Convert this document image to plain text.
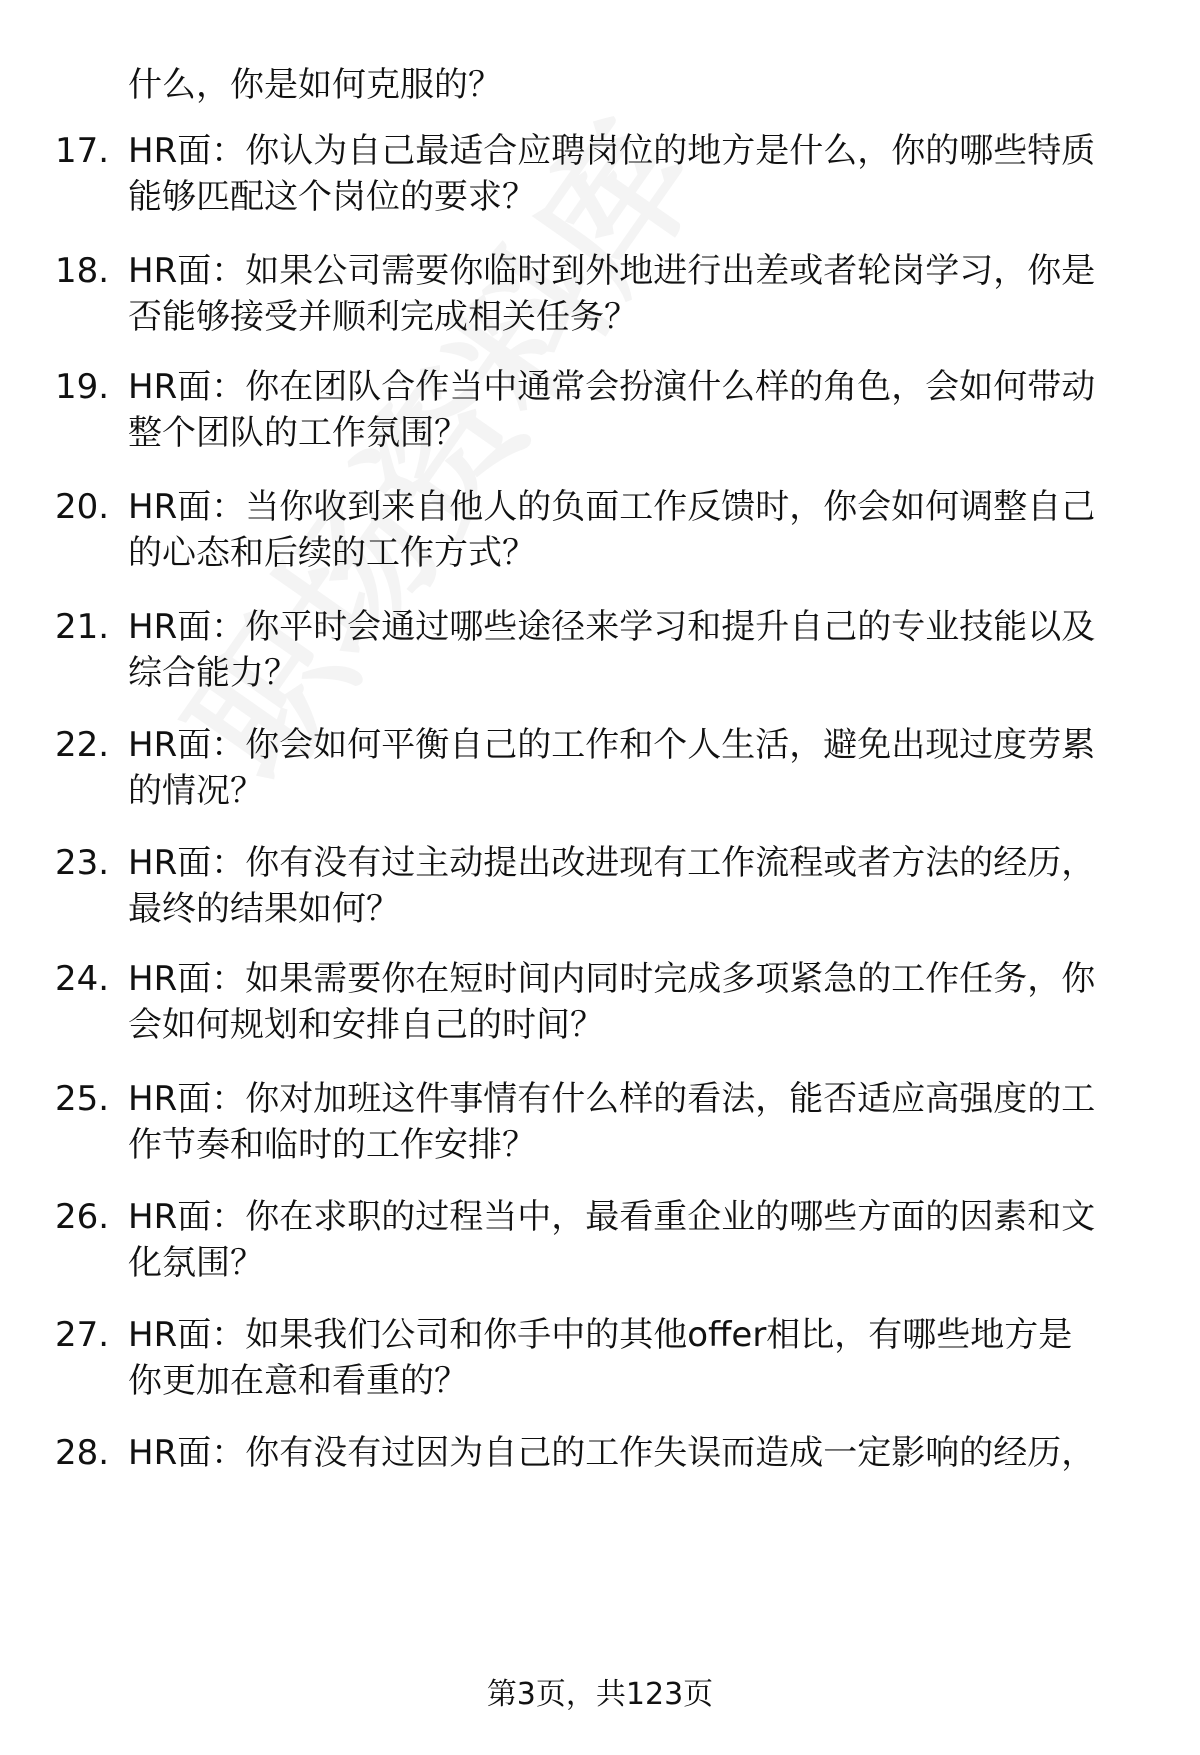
什么，你是如何克服的？
17. HR面：你认为自己最适合应聘岗位的地方是什么，你的哪些特质
能够匹配这个岗位的要求？
18. HR面：如果公司需要你临时到外地进行出差或者轮岗学习，你是
否能够接受并顺利完成相关任务？
19. HR面：你在团队合作当中通常会扮演什么样的角色，会如何带动
整个团队的工作氛围？
20. HR面：当你收到来自他人的负面工作反馈时，你会如何调整自己
的心态和后续的工作方式？
21. HR面：你平时会通过哪些途径来学习和提升自己的专业技能以及
综合能力？
22. HR面：你会如何平衡自己的工作和个人生活，避免出现过度劳累
的情况？
23. HR面：你有没有过主动提出改进现有工作流程或者方法的经历，
最终的结果如何？
24. HR面：如果需要你在短时间内同时完成多项紧急的工作任务，你
会如何规划和安排自己的时间？
25. HR面：你对加班这件事情有什么样的看法，能否适应高强度的工
作节奏和临时的工作安排？
26. HR面：你在求职的过程当中，最看重企业的哪些方面的因素和文
化氛围？
27. HR面：如果我们公司和你手中的其他offer相比，有哪些地方是
你更加在意和看重的？
28. HR面：你有没有过因为自己的工作失误而造成一定影响的经历，
第3页，共123页
